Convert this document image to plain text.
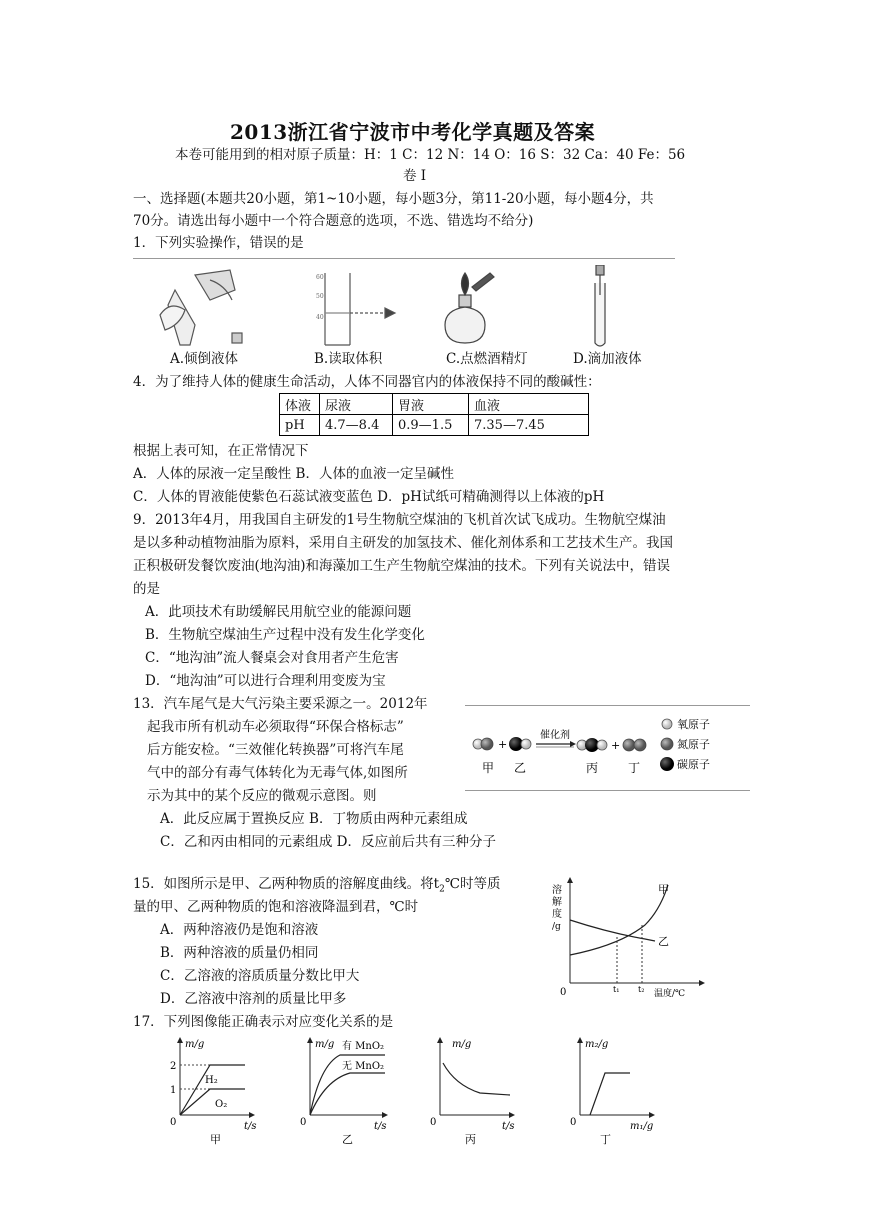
2013浙江省宁波市中考化学真题及答案
本卷可能用到的相对原子质量：H：1 C：12 N：14 O：16 S：32 Ca：40 Fe：56
卷 Ⅰ
一、选择题(本题共20小题，第1~10小题，每小题3分，第11-20小题，每小题4分，共
70分。请选出每小题中一个符合题意的选项，不选、错选均不给分)
1．下列实验操作，错误的是
60
50
40
A.倾倒液体	B.读取体积	C.点燃酒精灯	D.滴加液体
4．为了维持人体的健康生命活动，人体不同器官内的体液保持不同的酸碱性：
体液	尿液	胃液	血液
pH	4.7—8.4	0.9—1.5	7.35—7.45
根据上表可知，在正常情况下
A．人体的尿液一定呈酸性 B．人体的血液一定呈碱性
C．人体的胃液能使紫色石蕊试液变蓝色 D．pH试纸可精确测得以上体液的pH
9．2013年4月，用我国自主研发的1号生物航空煤油的飞机首次试飞成功。生物航空煤油
是以多种动植物油脂为原料，采用自主研发的加氢技术、催化剂体系和工艺技术生产。我国
正积极研发餐饮废油(地沟油)和海藻加工生产生物航空煤油的技术。下列有关说法中，错误
的是
A．此项技术有助缓解民用航空业的能源问题
B．生物航空煤油生产过程中没有发生化学变化
C．“地沟油”流人餐桌会对食用者产生危害
D．“地沟油”可以进行合理利用变废为宝
13．汽车尾气是大气污染主要采源之一。2012年
起我市所有机动车必须取得“环保合格标志”
后方能安检。“三效催化转换器”可将汽车尾
气中的部分有毒气体转化为无毒气体,如图所
示为其中的某个反应的微观示意图。则
A．此反应属于置换反应 B．丁物质由两种元素组成
C．乙和丙由相同的元素组成 D．反应前后共有三种分子
+
催化剂
+
甲 乙	丙 丁
氧原子
氮原子
碳原子
15．如图所示是甲、乙两种物质的溶解度曲线。将$t_2℃$时等质
量的甲、乙两种物质的饱和溶液降温到君，℃时
A．两种溶液仍是饱和溶液
B．两种溶液的质量仍相同
C．乙溶液的溶质质量分数比甲大
D．乙溶液中溶剂的质量比甲多
溶
解
度
/g
0	t₁ t₂ 温度/℃
甲
乙
17．下列图像能正确表示对应变化关系的是
m/g
2
1
H₂
O₂
0	t/s
甲
m/g 有 MnO₂
无 MnO₂
0	t/s
乙
m/g
0	t/s
丙
m₂/g
0	m₁/g
丁
